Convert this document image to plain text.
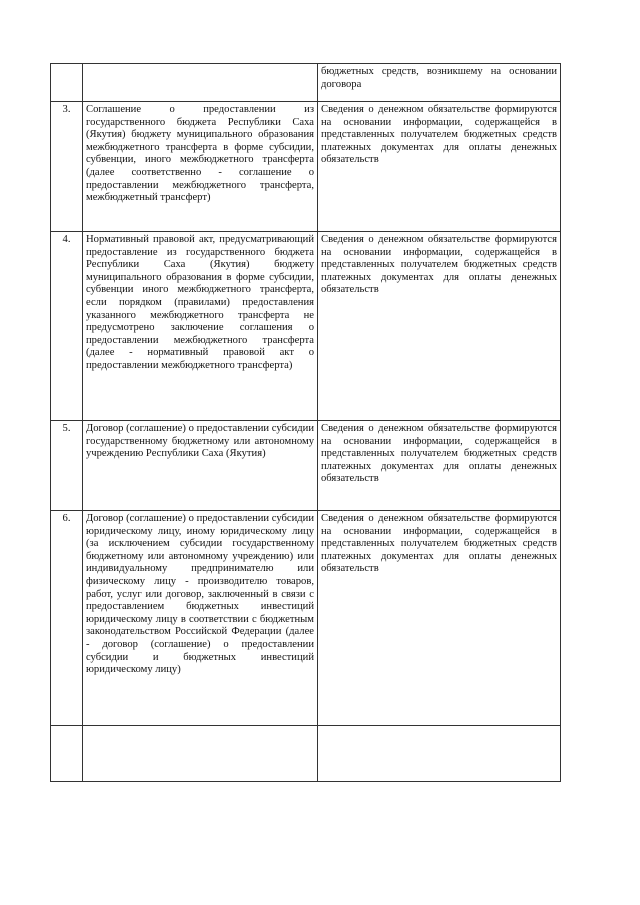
		бюджетных средств, возникшему на основании договора
3.	Соглашение о предоставлении из государственного бюджета Республики Саха (Якутия) бюджету муниципального образования межбюджетного трансферта в форме субсидии, субвенции, иного межбюджетного трансферта (далее соответственно - соглашение о предоставлении межбюджетного трансферта, межбюджетный трансферт)	Сведения о денежном обязательстве формируются на основании информации, содержащейся в представленных получателем бюджетных средств платежных документах для оплаты денежных обязательств
4.	Нормативный правовой акт, предусматривающий предоставление из государственного бюджета Республики Саха (Якутия) бюджету муниципального образования в форме субсидии, субвенции иного межбюджетного трансферта, если порядком (правилами) предоставления указанного межбюджетного трансферта не предусмотрено заключение соглашения о предоставлении межбюджетного трансферта (далее - нормативный правовой акт о предоставлении межбюджетного трансферта)	Сведения о денежном обязательстве формируются на основании информации, содержащейся в представленных получателем бюджетных средств платежных документах для оплаты денежных обязательств
5.	Договор (соглашение) о предоставлении субсидии государственному бюджетному или автономному учреждению Республики Саха (Якутия)	Сведения о денежном обязательстве формируются на основании информации, содержащейся в представленных получателем бюджетных средств платежных документах для оплаты денежных обязательств
6.	Договор (соглашение) о предоставлении субсидии юридическому лицу, иному юридическому лицу (за исключением субсидии государственному бюджетному или автономному учреждению) или индивидуальному предпринимателю или физическому лицу - производителю товаров, работ, услуг или договор, заключенный в связи с предоставлением бюджетных инвестиций юридическому лицу в соответствии с бюджетным законодательством Российской Федерации (далее - договор (соглашение) о предоставлении субсидии и бюджетных инвестиций юридическому лицу)	Сведения о денежном обязательстве формируются на основании информации, содержащейся в представленных получателем бюджетных средств платежных документах для оплаты денежных обязательств
